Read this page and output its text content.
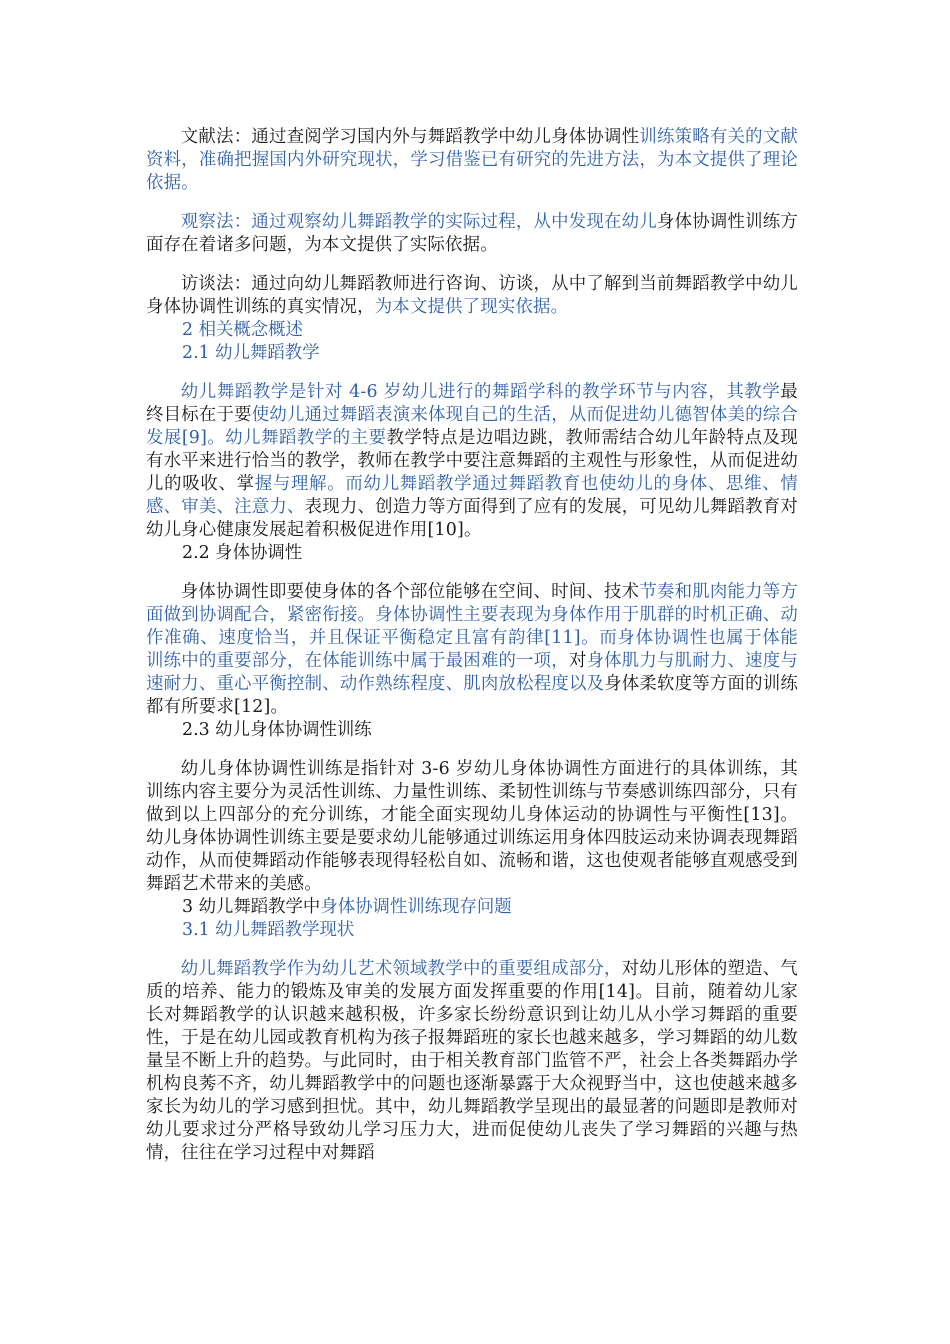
文献法：通过查阅学习国内外与舞蹈教学中幼儿身体协调性训练策略有关的文献资料，准确把握国内外研究现状，学习借鉴已有研究的先进方法，为本文提供了理论依据。

观察法：通过观察幼儿舞蹈教学的实际过程，从中发现在幼儿身体协调性训练方面存在着诸多问题，为本文提供了实际依据。

访谈法：通过向幼儿舞蹈教师进行咨询、访谈，从中了解到当前舞蹈教学中幼儿身体协调性训练的真实情况，为本文提供了现实依据。

2 相关概念概述
2.1 幼儿舞蹈教学

幼儿舞蹈教学是针对 4-6 岁幼儿进行的舞蹈学科的教学环节与内容，其教学最终目标在于要使幼儿通过舞蹈表演来体现自己的生活，从而促进幼儿德智体美的综合发展[9]。幼儿舞蹈教学的主要教学特点是边唱边跳，教师需结合幼儿年龄特点及现有水平来进行恰当的教学，教师在教学中要注意舞蹈的主观性与形象性，从而促进幼儿的吸收、掌握与理解。而幼儿舞蹈教学通过舞蹈教育也使幼儿的身体、思维、情感、审美、注意力、表现力、创造力等方面得到了应有的发展，可见幼儿舞蹈教育对幼儿身心健康发展起着积极促进作用[10]。

2.2 身体协调性

身体协调性即要使身体的各个部位能够在空间、时间、技术节奏和肌肉能力等方面做到协调配合，紧密衔接。身体协调性主要表现为身体作用于肌群的时机正确、动作准确、速度恰当，并且保证平衡稳定且富有韵律[11]。而身体协调性也属于体能训练中的重要部分，在体能训练中属于最困难的一项，对身体肌力与肌耐力、速度与速耐力、重心平衡控制、动作熟练程度、肌肉放松程度以及身体柔软度等方面的训练都有所要求[12]。

2.3 幼儿身体协调性训练

幼儿身体协调性训练是指针对 3-6 岁幼儿身体协调性方面进行的具体训练，其训练内容主要分为灵活性训练、力量性训练、柔韧性训练与节奏感训练四部分，只有做到以上四部分的充分训练，才能全面实现幼儿身体运动的协调性与平衡性[13]。幼儿身体协调性训练主要是要求幼儿能够通过训练运用身体四肢运动来协调表现舞蹈动作，从而使舞蹈动作能够表现得轻松自如、流畅和谐，这也使观者能够直观感受到舞蹈艺术带来的美感。

3 幼儿舞蹈教学中身体协调性训练现存问题
3.1 幼儿舞蹈教学现状

幼儿舞蹈教学作为幼儿艺术领域教学中的重要组成部分，对幼儿形体的塑造、气质的培养、能力的锻炼及审美的发展方面发挥重要的作用[14]。目前，随着幼儿家长对舞蹈教学的认识越来越积极，许多家长纷纷意识到让幼儿从小学习舞蹈的重要性，于是在幼儿园或教育机构为孩子报舞蹈班的家长也越来越多，学习舞蹈的幼儿数量呈不断上升的趋势。与此同时，由于相关教育部门监管不严，社会上各类舞蹈办学机构良莠不齐，幼儿舞蹈教学中的问题也逐渐暴露于大众视野当中，这也使越来越多家长为幼儿的学习感到担忧。其中，幼儿舞蹈教学呈现出的最显著的问题即是教师对幼儿要求过分严格导致幼儿学习压力大，进而促使幼儿丧失了学习舞蹈的兴趣与热情，往往在学习过程中对舞蹈
